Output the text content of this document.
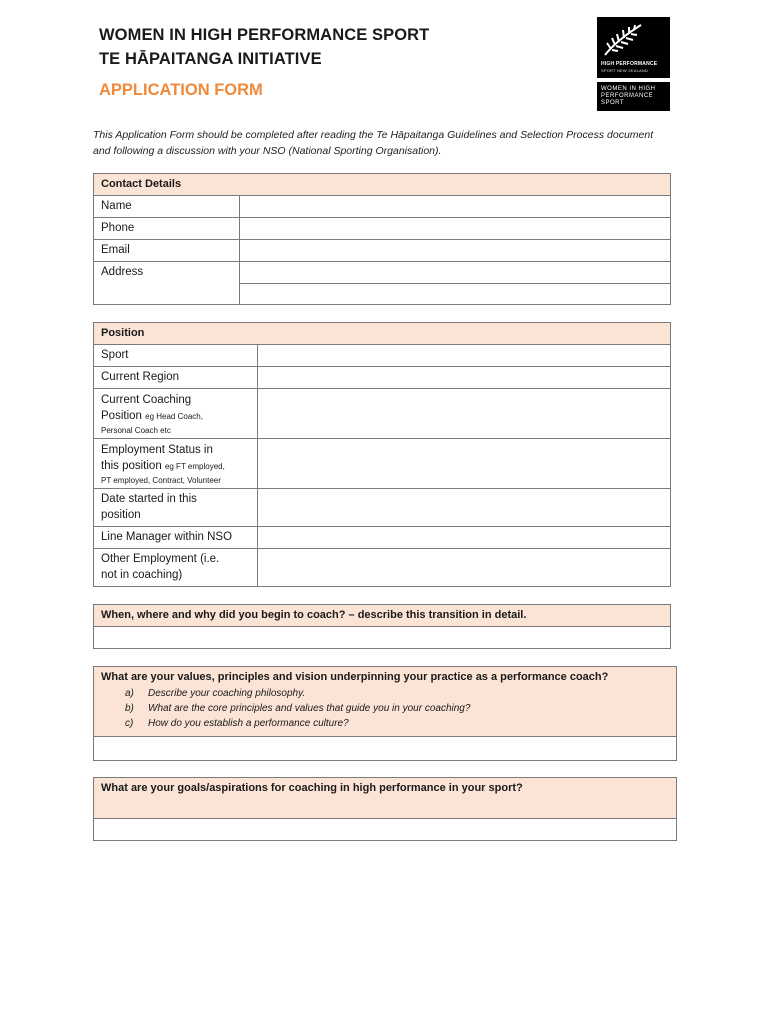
WOMEN IN HIGH PERFORMANCE SPORT
TE HĀPAITANGA INITIATIVE
APPLICATION FORM
HIGH PERFORMANCE
SPORT NEW ZEALAND
WOMEN IN HIGH
PERFORMANCE
SPORT
This Application Form should be completed after reading the Te Hāpaitanga Guidelines and Selection Process document and following a discussion with your NSO (National Sporting Organisation).
Contact Details	
Name	
Phone	
Email	
Address	

Position	
Sport	
Current Region	

Current Coaching
Position eg Head Coach,
Personal Coach etc	

Employment Status in
this position eg FT employed,
PT employed, Contract, Volunteer	

Date started in this
position	

Line Manager within NSO	

Other Employment (i.e.
not in coaching)	

When, where and why did you begin to coach? – describe this transition in detail.

What are your values, principles and vision underpinning your practice as a performance coach?
a) Describe your coaching philosophy.
b) What are the core principles and values that guide you in your coaching?
c) How do you establish a performance culture?

What are your goals/aspirations for coaching in high performance in your sport?
